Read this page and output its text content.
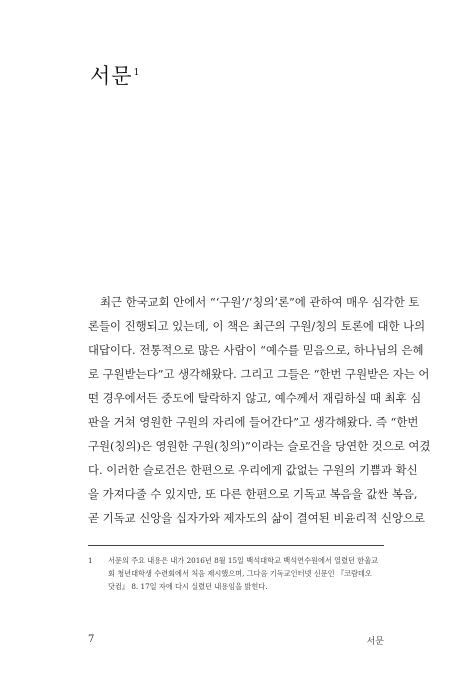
서문$^1$

최근 한국교회 안에서 “‘구원’/‘칭의’론”에 관하여 매우 심각한 토
론들이 진행되고 있는데, 이 책은 최근의 구원/칭의 토론에 대한 나의
대답이다. 전통적으로 많은 사람이 “예수를 믿음으로, 하나님의 은혜
로 구원받는다”고 생각해왔다. 그리고 그들은 “한번 구원받은 자는 어
떤 경우에서든 중도에 탈락하지 않고, 예수께서 재림하실 때 최후 심
판을 거쳐 영원한 구원의 자리에 들어간다”고 생각해왔다. 즉 “한번
구원(칭의)은 영원한 구원(칭의)”이라는 슬로건을 당연한 것으로 여겼
다. 이러한 슬로건은 한편으로 우리에게 값없는 구원의 기쁨과 확신
을 가져다줄 수 있지만, 또 다른 한편으로 기독교 복음을 값싼 복음,
곧 기독교 신앙을 십자가와 제자도의 삶이 결여된 비윤리적 신앙으로

1 서문의 주요 내용은 내가 2016년 8월 15일 백석대학교 백석연수원에서 열렸던 한울교
회 청년대학생 수련회에서 처음 제시했으며, 그다음 기독교인터넷 신문인 『코람데오
닷컴』 8. 17일 자에 다시 실렸던 내용임을 밝힌다.
7	서문
